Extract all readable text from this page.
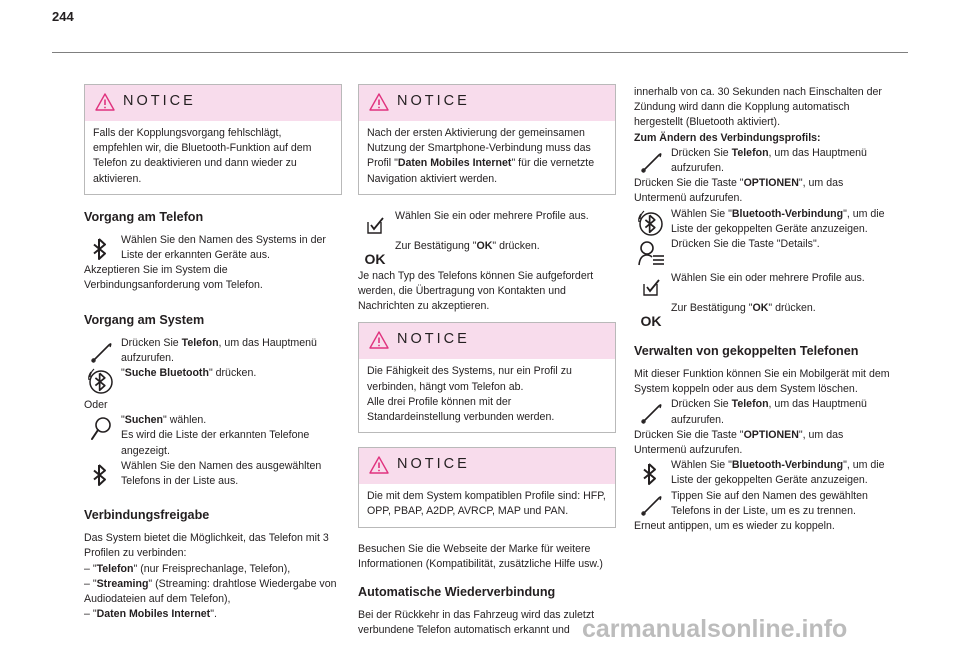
244
NOTICE
Falls der Kopplungsvorgang fehlschlägt, empfehlen wir, die Bluetooth-Funktion auf dem Telefon zu deaktivieren und dann wieder zu aktivieren.
Vorgang am Telefon

Wählen Sie den Namen des Systems in der Liste der erkannten Geräte aus.

Akzeptieren Sie im System die Verbindungsanforderung vom Telefon.

Vorgang am System

Drücken Sie Telefon, um das Hauptmenü aufzurufen.

"Suche Bluetooth" drücken.

Oder

"Suchen" wählen.
Es wird die Liste der erkannten Telefone angezeigt.

Wählen Sie den Namen des ausgewählten Telefons in der Liste aus.

Verbindungsfreigabe

Das System bietet die Möglichkeit, das Telefon mit 3 Profilen zu verbinden:

– "Telefon" (nur Freisprechanlage, Telefon),

– "Streaming" (Streaming: drahtlose Wiedergabe von Audiodateien auf dem Telefon),

– "Daten Mobiles Internet".

NOTICE
Nach der ersten Aktivierung der gemeinsamen Nutzung der Smartphone-Verbindung muss das Profil "Daten Mobiles Internet" für die vernetzte Navigation aktiviert werden.

Wählen Sie ein oder mehrere Profile aus.

OK

Zur Bestätigung "OK" drücken.

Je nach Typ des Telefons können Sie aufgefordert werden, die Übertragung von Kontakten und Nachrichten zu akzeptieren.

NOTICE
Die Fähigkeit des Systems, nur ein Profil zu verbinden, hängt vom Telefon ab.
Alle drei Profile können mit der Standardeinstellung verbunden werden.
NOTICE
Die mit dem System kompatiblen Profile sind: HFP, OPP, PBAP, A2DP, AVRCP, MAP und PAN.

Besuchen Sie die Webseite der Marke für weitere Informationen (Kompatibilität, zusätzliche Hilfe usw.)

Automatische Wiederverbindung

Bei der Rückkehr in das Fahrzeug wird das zuletzt verbundene Telefon automatisch erkannt und

innerhalb von ca. 30 Sekunden nach Einschalten der Zündung wird dann die Kopplung automatisch hergestellt (Bluetooth aktiviert).

Zum Ändern des Verbindungsprofils:

Drücken Sie Telefon, um das Hauptmenü aufzurufen.

Drücken Sie die Taste "OPTIONEN", um das Untermenü aufzurufen.

Wählen Sie "Bluetooth-Verbindung", um die Liste der gekoppelten Geräte anzuzeigen.

Drücken Sie die Taste "Details".

Wählen Sie ein oder mehrere Profile aus.

OK

Zur Bestätigung "OK" drücken.

Verwalten von gekoppelten Telefonen

Mit dieser Funktion können Sie ein Mobilgerät mit dem System koppeln oder aus dem System löschen.

Drücken Sie Telefon, um das Hauptmenü aufzurufen.

Drücken Sie die Taste "OPTIONEN", um das Untermenü aufzurufen.

Wählen Sie "Bluetooth-Verbindung", um die Liste der gekoppelten Geräte anzuzeigen.

Tippen Sie auf den Namen des gewählten Telefons in der Liste, um es zu trennen.

Erneut antippen, um es wieder zu koppeln.

carmanualsonline.info
